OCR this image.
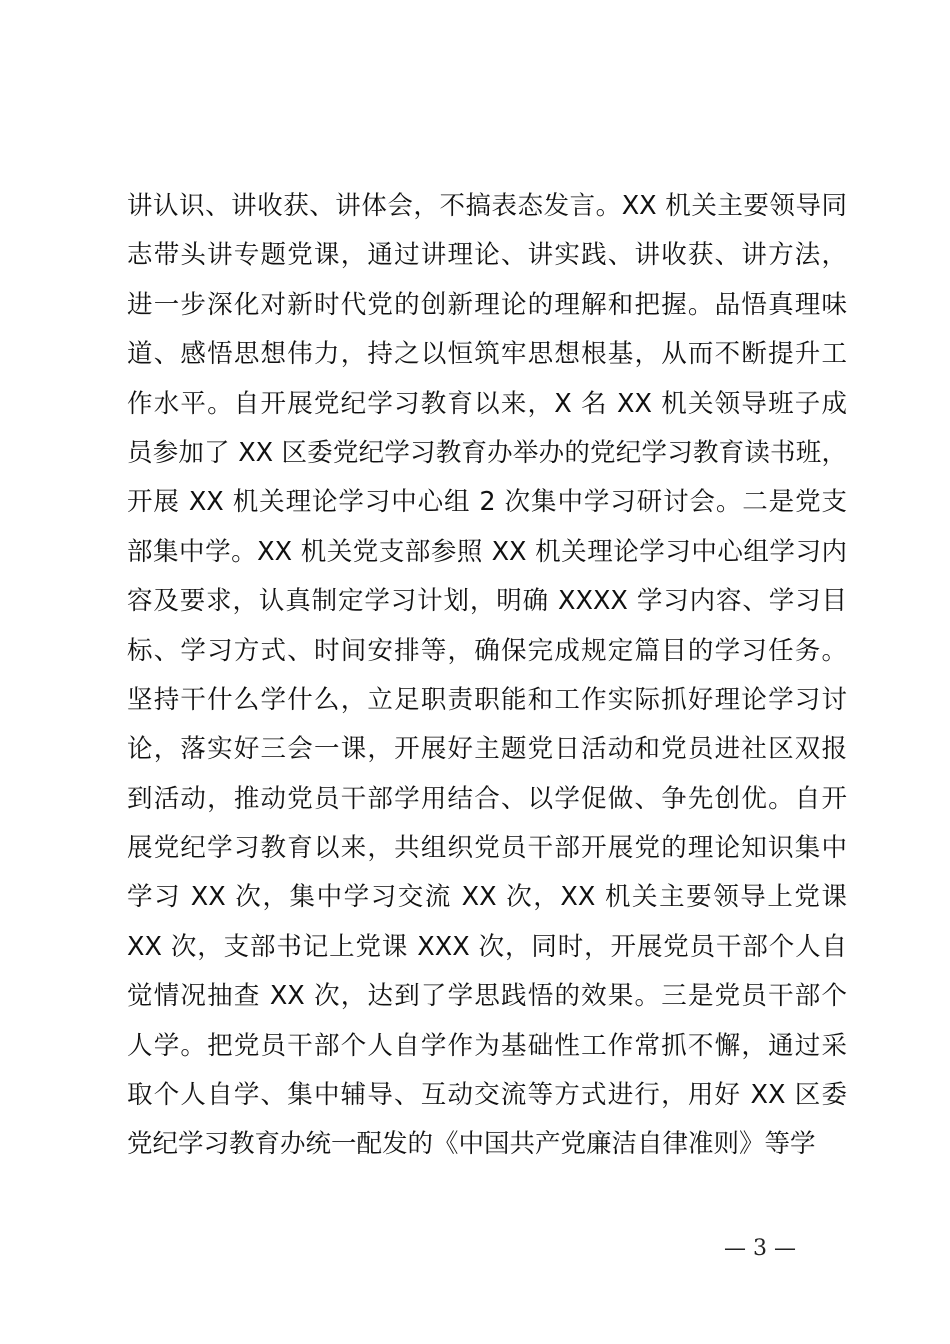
讲认识、讲收获、讲体会，不搞表态发言。XX 机关主要领导同
志带头讲专题党课，通过讲理论、讲实践、讲收获、讲方法，
进一步深化对新时代党的创新理论的理解和把握。品悟真理味
道、感悟思想伟力，持之以恒筑牢思想根基，从而不断提升工
作水平。自开展党纪学习教育以来，X 名 XX 机关领导班子成
员参加了 XX 区委党纪学习教育办举办的党纪学习教育读书班，
开展 XX 机关理论学习中心组 2 次集中学习研讨会。二是党支
部集中学。XX 机关党支部参照 XX 机关理论学习中心组学习内
容及要求，认真制定学习计划，明确 XXXX 学习内容、学习目
标、学习方式、时间安排等，确保完成规定篇目的学习任务。
坚持干什么学什么，立足职责职能和工作实际抓好理论学习讨
论，落实好三会一课，开展好主题党日活动和党员进社区双报
到活动，推动党员干部学用结合、以学促做、争先创优。自开
展党纪学习教育以来，共组织党员干部开展党的理论知识集中
学习 XX 次，集中学习交流 XX 次，XX 机关主要领导上党课
XX 次，支部书记上党课 XXX 次，同时，开展党员干部个人自
觉情况抽查 XX 次，达到了学思践悟的效果。三是党员干部个
人学。把党员干部个人自学作为基础性工作常抓不懈，通过采
取个人自学、集中辅导、互动交流等方式进行，用好 XX 区委
党纪学习教育办统一配发的《中国共产党廉洁自律准则》等学
— 3 —
